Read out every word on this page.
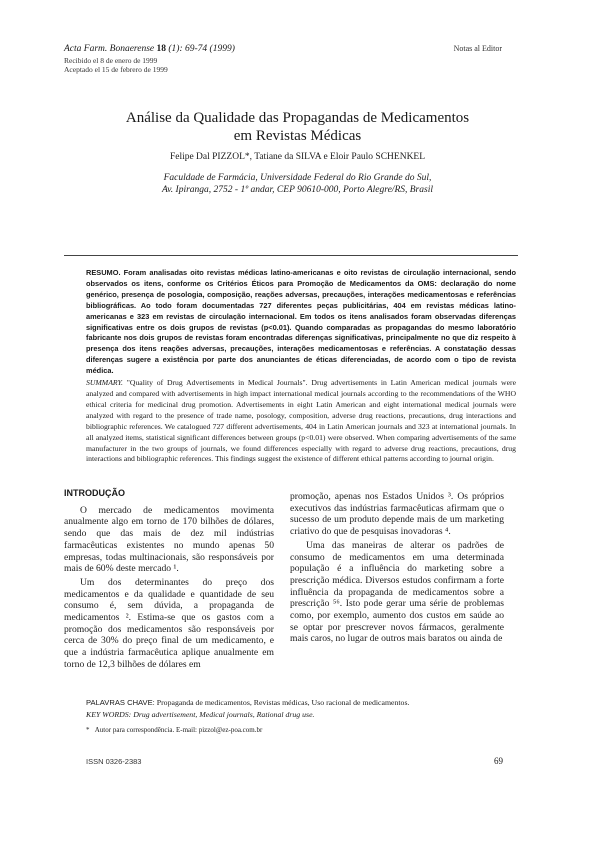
Acta Farm. Bonaerense 18 (1): 69-74 (1999)
Recibido el 8 de enero de 1999
Aceptado el 15 de febrero de 1999
Notas al Editor
Análise da Qualidade das Propagandas de Medicamentos
em Revistas Médicas
Felipe Dal PIZZOL*, Tatiane da SILVA e Eloir Paulo SCHENKEL
Faculdade de Farmácia, Universidade Federal do Rio Grande do Sul,
Av. Ipiranga, 2752 - 1º andar, CEP 90610-000, Porto Alegre/RS, Brasil
RESUMO. Foram analisadas oito revistas médicas latino-americanas e oito revistas de circulação internacional, sendo observados os itens, conforme os Critérios Éticos para Promoção de Medicamentos da OMS: declaração do nome genérico, presença de posologia, composição, reações adversas, precauções, interações medicamentosas e referências bibliográficas. Ao todo foram documentadas 727 diferentes peças publicitárias, 404 em revistas médicas latino-americanas e 323 em revistas de circulação internacional. Em todos os itens analisados foram observadas diferenças significativas entre os dois grupos de revistas (p<0.01). Quando comparadas as propagandas do mesmo laboratório fabricante nos dois grupos de revistas foram encontradas diferenças significativas, principalmente no que diz respeito à presença dos itens reações adversas, precauções, interações medicamentosas e referências. A constatação dessas diferenças sugere a existência por parte dos anunciantes de éticas diferenciadas, de acordo com o tipo de revista médica.
SUMMARY. "Quality of Drug Advertisements in Medical Journals". Drug advertisements in Latin American medical journals were analyzed and compared with advertisements in high impact international medical journals according to the recommendations of the WHO ethical criteria for medicinal drug promotion. Advertisements in eight Latin American and eight international medical journals were analyzed with regard to the presence of trade name, posology, composition, adverse drug reactions, precautions, drug interactions and bibliographic references. We catalogued 727 different advertisements, 404 in Latin American journals and 323 at international journals. In all analyzed items, statistical significant differences between groups (p<0.01) were observed. When comparing advertisements of the same manufacturer in the two groups of journals, we found differences especially with regard to adverse drug reactions, precautions, drug interactions and bibliographic references. This findings suggest the existence of different ethical patterns according to journal origin.
INTRODUÇÃO

O mercado de medicamentos movimenta anualmente algo em torno de 170 bilhões de dólares, sendo que das mais de dez mil indústrias farmacêuticas existentes no mundo apenas 50 empresas, todas multinacionais, são responsáveis por mais de 60% deste mercado ¹.

Um dos determinantes do preço dos medicamentos e da qualidade e quantidade de seu consumo é, sem dúvida, a propaganda de medicamentos ². Estima-se que os gastos com a promoção dos medicamentos são responsáveis por cerca de 30% do preço final de um medicamento, e que a indústria farmacêutica aplique anualmente em torno de 12,3 bilhões de dólares em

promoção, apenas nos Estados Unidos ³. Os próprios executivos das indústrias farmacêuticas afirmam que o sucesso de um produto depende mais de um marketing criativo do que de pesquisas inovadoras ⁴.

Uma das maneiras de alterar os padrões de consumo de medicamentos em uma determinada população é a influência do marketing sobre a prescrição médica. Diversos estudos confirmam a forte influência da propaganda de medicamentos sobre a prescrição ⁵⁶. Isto pode gerar uma série de problemas como, por exemplo, aumento dos custos em saúde ao se optar por prescrever novos fármacos, geralmente mais caros, no lugar de outros mais baratos ou ainda de

PALAVRAS CHAVE: Propaganda de medicamentos, Revistas médicas, Uso racional de medicamentos.
KEY WORDS: Drug advertisement, Medical journals, Rational drug use.
* Autor para correspondência. E-mail: pizzol@ez-poa.com.br
ISSN 0326-2383	69
